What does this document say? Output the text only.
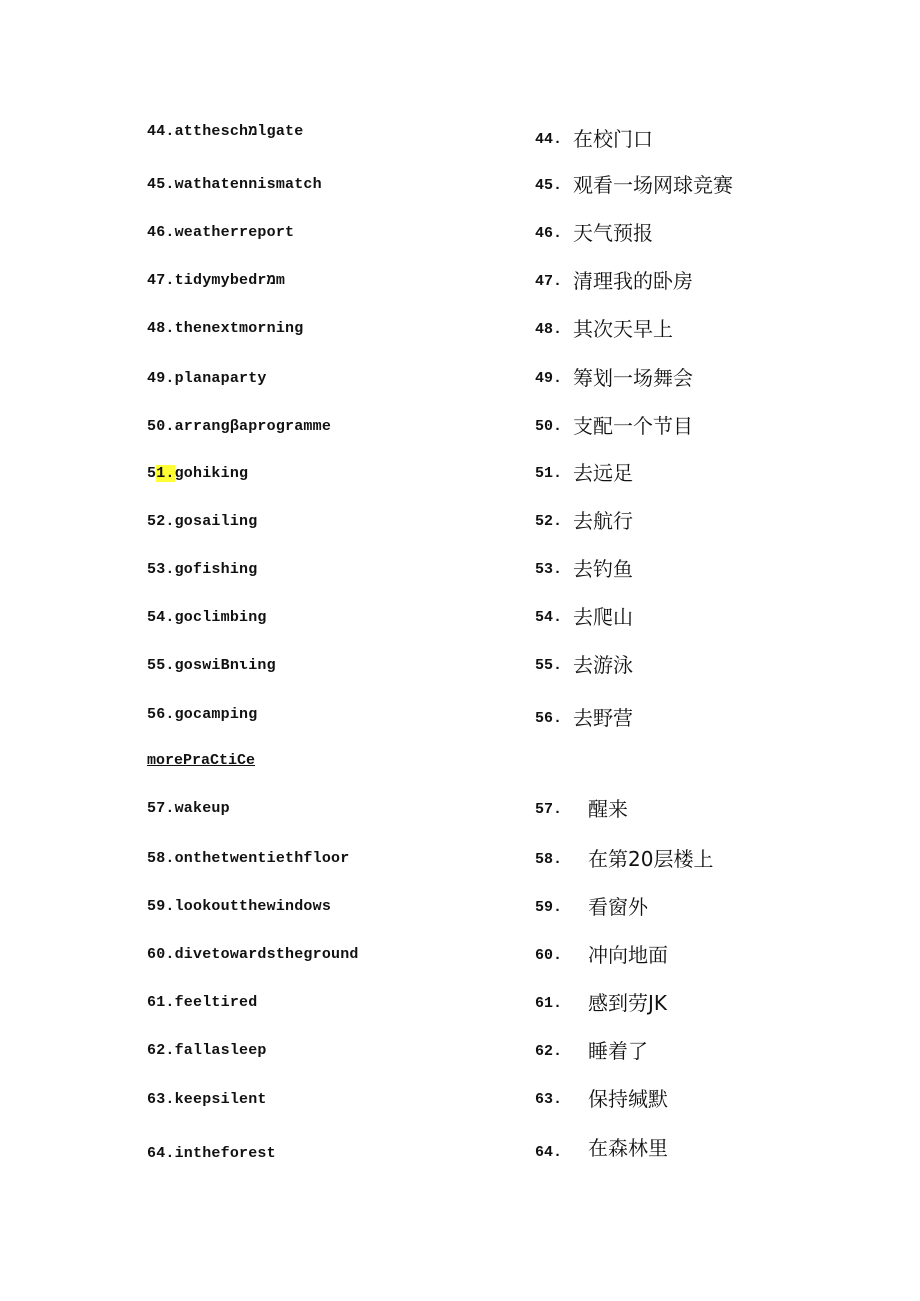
44.attheschמlgate	44. 在校门口
45.wathatennismatch	45. 观看一场网球竞赛
46.weatherreport	46. 天气预报
47.tidymybedrמm	47. 清理我的卧房
48.thenextmorning	48. 其次天早上
49.planaparty	49. 筹划一场舞会
50.arrangβaprogramme	50. 支配一个节目
51.gohiking	51. 去远足
52.gosailing	52. 去航行
53.gofishing	53. 去钓鱼
54.goclimbing	54. 去爬山
55.goswiBnιing	55. 去游泳
56.gocamping	56. 去野营
morePraCtiCe
57.wakeup	57. 醒来
58.onthetwentiethfloor	58. 在第20层楼上
59.lookoutthewindows	59. 看窗外
60.divetowardstheground	60. 冲向地面
61.feeltired	61. 感到劳JK
62.fallasleep	62. 睡着了
63.keepsilent	63. 保持缄默
64.intheforest	64. 在森林里
